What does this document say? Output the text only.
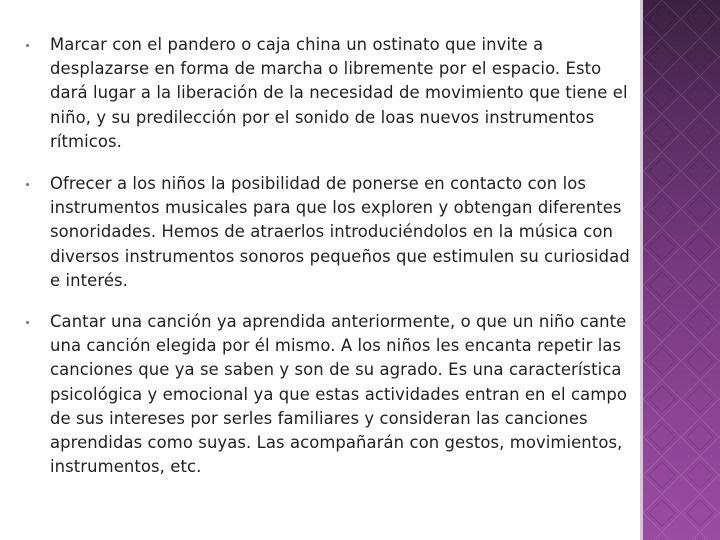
Marcar con el pandero o caja china un ostinato que invite a desplazarse en forma de marcha o libremente por el espacio. Esto dará lugar a la liberación de la necesidad de movimiento que tiene el niño, y su predilección por el sonido de loas nuevos instrumentos rítmicos.
Ofrecer a los niños la posibilidad de ponerse en contacto con los instrumentos musicales para que los exploren y obtengan diferentes sonoridades. Hemos de atraerlos introduciéndolos en la música con diversos instrumentos sonoros pequeños que estimulen su curiosidad e interés.
Cantar una canción ya aprendida anteriormente, o que un niño cante una canción elegida por él mismo. A los niños les encanta repetir las canciones que ya se saben y son de su agrado. Es una característica psicológica y emocional ya que estas actividades entran en el campo de sus intereses por serles familiares y consideran las canciones aprendidas como suyas. Las acompañarán con gestos, movimientos, instrumentos, etc.
